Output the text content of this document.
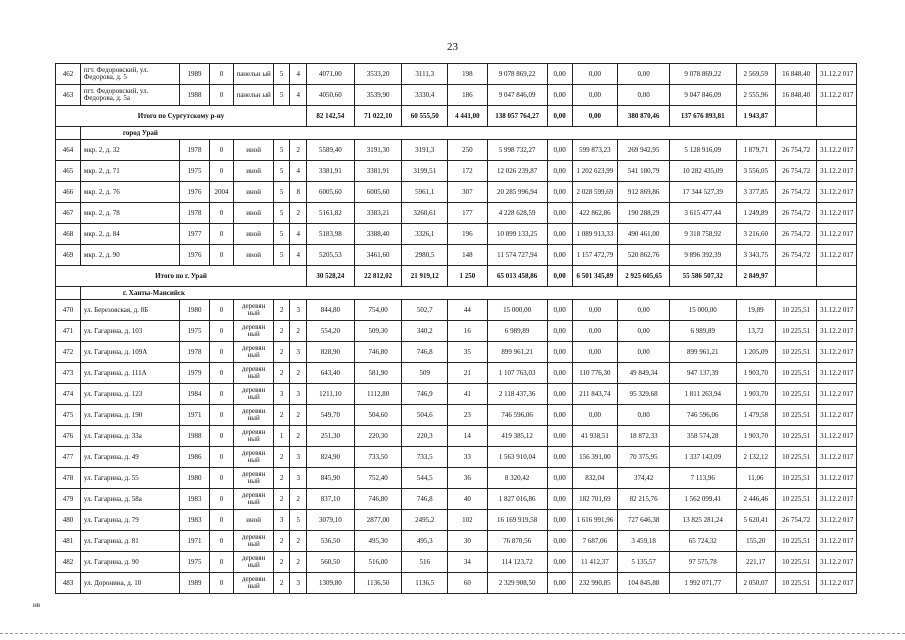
23
462	пгт. Федоровский, ул. Федорова, д. 5	1989	0	панельн ый	5	4	4071,00	3533,20	3111,3	198	9 078 869,22	0,00	0,00	0,00	9 078 869,22	2 569,59	16 848,40	31.12.2 017
463	пгт. Федоровский, ул. Федорова, д. 5а	1988	0	панельн ый	5	4	4050,60	3539,90	3330,4	186	9 047 846,09	0,00	0,00	0,00	9 047 846,09	2 555,96	16 848,40	31.12.2 017
Итого по Сургутскому р-ну							82 142,54	71 022,10	60 555,50	4 441,00	138 057 764,27	0,00	0,00	380 870,46	137 676 893,81	1 943,87		
	город Урай																	
464	мкр. 2, д. 32	1978	0	иной	5	2	5589,40	3191,30	3191,3	250	5 998 732,27	0,00	599 873,23	269 942,95	5 128 916,09	1 879,71	26 754,72	31.12.2 017
465	мкр. 2, д. 71	1975	0	иной	5	4	3381,91	3381,91	3199,51	172	12 026 239,87	0,00	1 202 623,99	541 180,79	10 282 435,09	3 556,05	26 754,72	31.12.2 017
466	мкр. 2, д. 76	1976	2004	иной	5	8	6005,60	6005,60	5961,1	307	20 285 996,94	0,00	2 028 599,69	912 869,86	17 344 527,39	3 377,85	26 754,72	31.12.2 017
467	мкр. 2, д. 78	1978	0	иной	5	2	5161,82	3383,21	3260,61	177	4 228 628,59	0,00	422 862,86	190 288,29	3 615 477,44	1 249,89	26 754,72	31.12.2 017
468	мкр. 2, д. 84	1977	0	иной	5	4	5183,98	3388,40	3326,1	196	10 899 133,25	0,00	1 089 913,33	490 461,00	9 318 758,92	3 216,60	26 754,72	31.12.2 017
469	мкр. 2, д. 90	1976	0	иной	5	4	5205,53	3461,60	2980,5	148	11 574 727,94	0,00	1 157 472,79	520 862,76	9 896 392,39	3 343,75	26 754,72	31.12.2 017
Итого по г. Урай							30 528,24	22 812,02	21 919,12	1 250	65 013 458,86	0,00	6 501 345,89	2 925 605,65	55 586 507,32	2 849,97		
	г. Ханты-Мансийск																	
470	ул. Березовская, д. 8Б	1980	0	деревян ный	2	3	844,80	754,00	502,7	44	15 000,00	0,00	0,00	0,00	15 000,00	19,89	10 225,51	31.12.2 017
471	ул. Гагарина, д. 103	1975	0	деревян ный	2	2	554,20	509,30	340,2	16	6 989,89	0,00	0,00	0,00	6 989,89	13,72	10 225,51	31.12.2 017
472	ул. Гагарина, д. 109А	1978	0	деревян ный	2	3	828,90	746,80	746,8	35	899 961,21	0,00	0,00	0,00	899 961,21	1 205,09	10 225,51	31.12.2 017
473	ул. Гагарина, д. 111А	1979	0	деревян ный	2	2	643,40	581,90	509	21	1 107 763,03	0,00	110 776,30	49 849,34	947 137,39	1 903,70	10 225,51	31.12.2 017
474	ул. Гагарина, д. 123	1984	0	деревян ный	3	3	1211,10	1112,80	746,9	41	2 118 437,36	0,00	211 843,74	95 329,68	1 811 263,94	1 903,70	10 225,51	31.12.2 017
475	ул. Гагарина, д. 190	1971	0	деревян ный	2	2	549,70	504,60	504,6	23	746 596,06	0,00	0,00	0,00	746 596,06	1 479,58	10 225,51	31.12.2 017
476	ул. Гагарина, д. 33а	1988	0	деревян ный	1	2	251,30	220,30	220,3	14	419 385,12	0,00	41 938,51	18 872,33	358 574,28	1 903,70	10 225,51	31.12.2 017
477	ул. Гагарина, д. 49	1986	0	деревян ный	2	3	824,90	733,50	733,5	33	1 563 910,04	0,00	156 391,00	70 375,95	1 337 143,09	2 132,12	10 225,51	31.12.2 017
478	ул. Гагарина, д. 55	1980	0	деревян ный	2	3	845,90	752,40	544,5	36	8 320,42	0,00	832,04	374,42	7 113,96	11,06	10 225,51	31.12.2 017
479	ул. Гагарина, д. 58а	1983	0	деревян ный	2	2	837,10	746,80	746,8	40	1 827 016,86	0,00	182 701,69	82 215,76	1 562 099,41	2 446,46	10 225,51	31.12.2 017
480	ул. Гагарина, д. 79	1983	0	иной	3	5	3079,10	2877,00	2495,2	102	16 169 919,58	0,00	1 616 991,96	727 646,38	13 825 281,24	5 620,41	26 754,72	31.12.2 017
481	ул. Гагарина, д. 81	1971	0	деревян ный	2	2	536,50	495,30	495,3	30	76 870,56	0,00	7 687,06	3 459,18	65 724,32	155,20	10 225,51	31.12.2 017
482	ул. Гагарина, д. 90	1975	0	деревян ный	2	2	560,50	516,00	516	34	114 123,72	0,00	11 412,37	5 135,57	97 575,78	221,17	10 225,51	31.12.2 017
483	ул. Доронина, д. 10	1989	0	деревян ный	2	3	1309,80	1136,50	1136,5	60	2 329 908,50	0,00	232 990,85	104 845,88	1 992 071,77	2 050,07	10 225,51	31.12.2 017
нв
